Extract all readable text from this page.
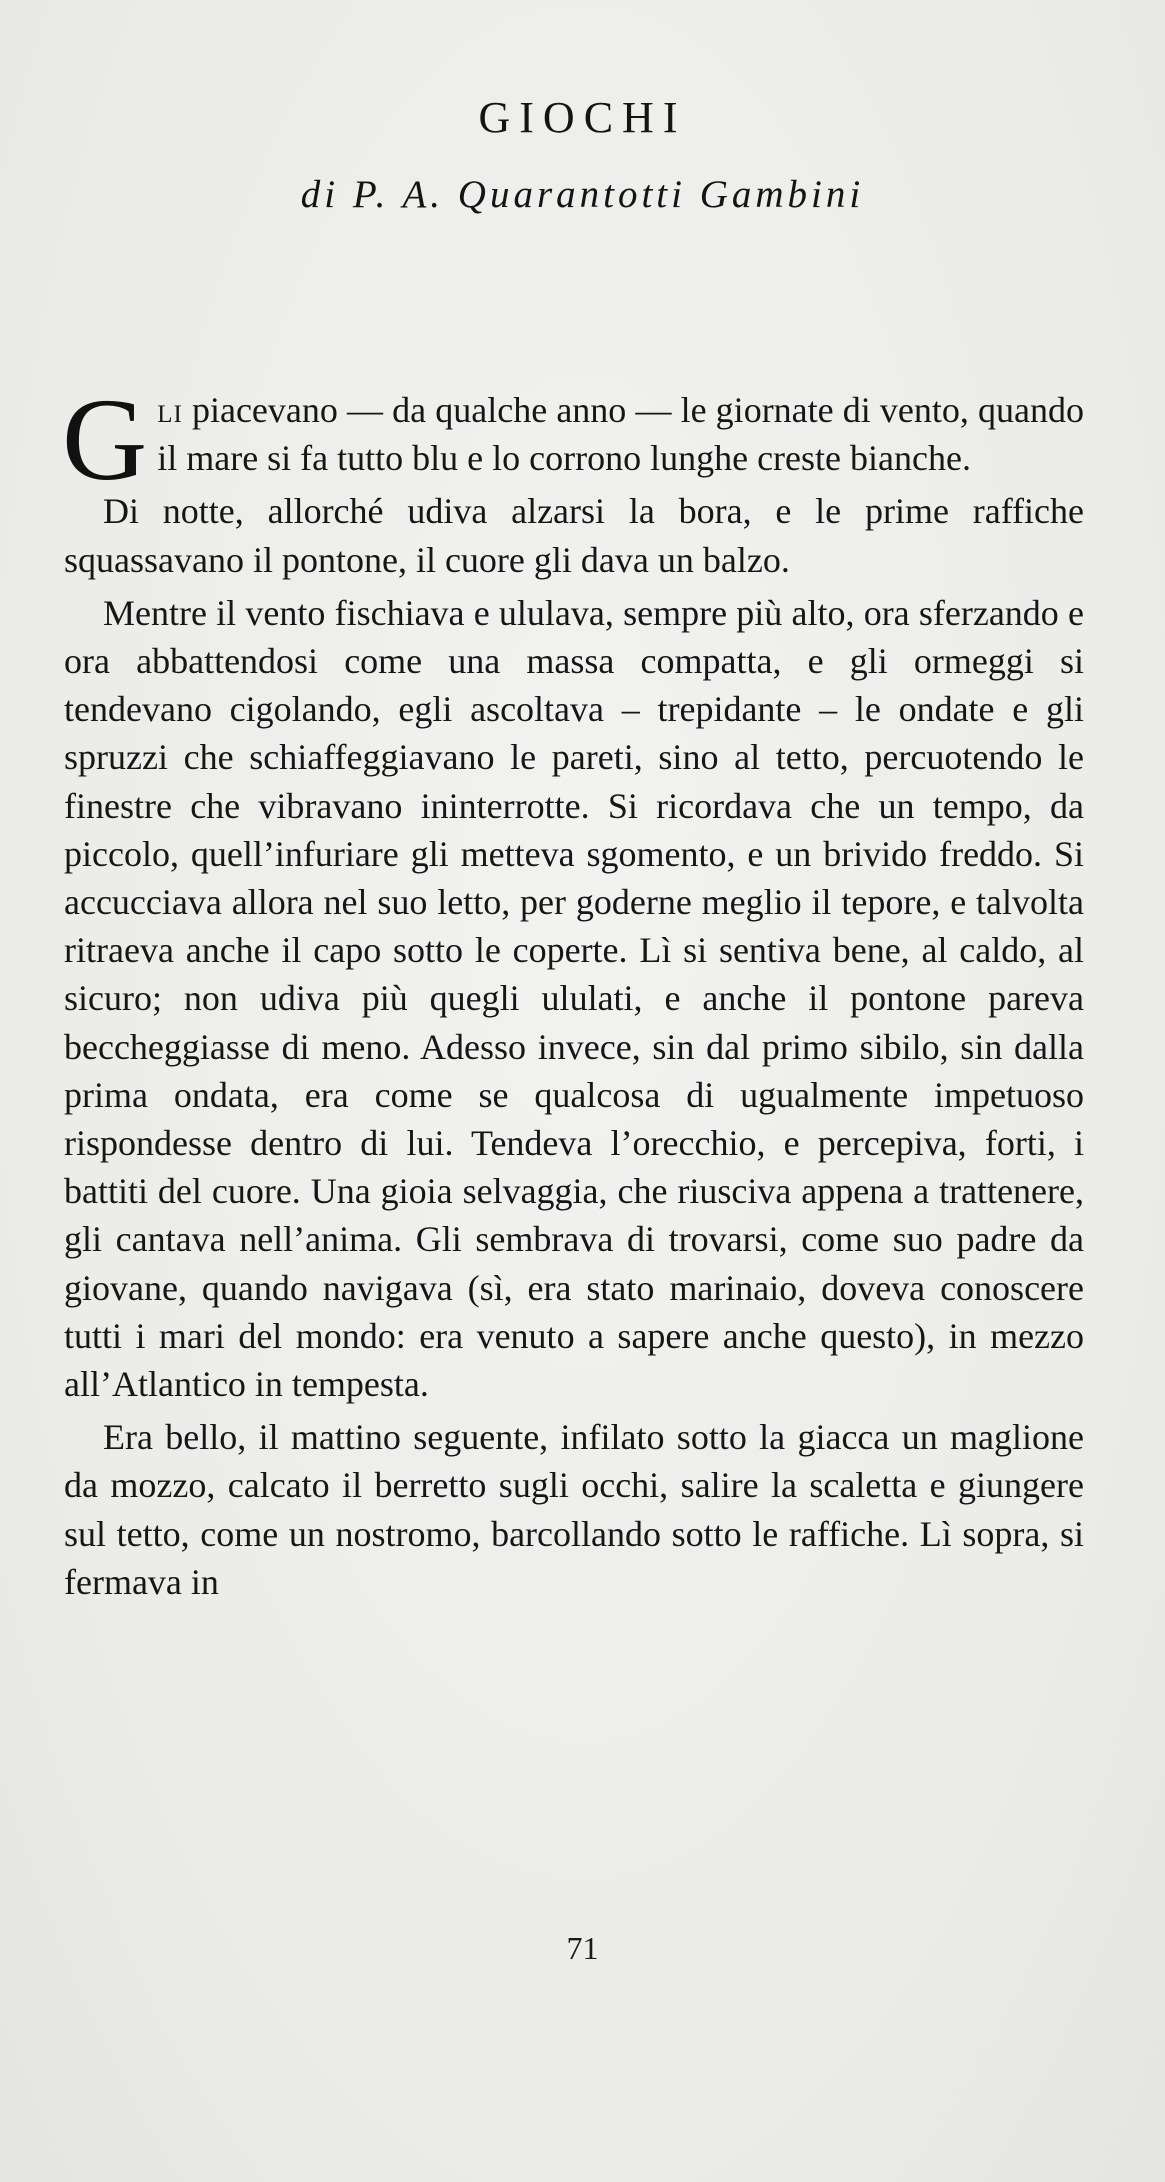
GIOCHI
di P. A. Quarantotti Gambini

Gli piacevano — da qualche anno — le giornate di vento, quando il mare si fa tutto blu e lo corrono lunghe creste bianche.

Di notte, allorché udiva alzarsi la bora, e le prime raffiche squassavano il pontone, il cuore gli dava un balzo.

Mentre il vento fischiava e ululava, sempre più alto, ora sferzando e ora abbattendosi come una massa compatta, e gli ormeggi si tendevano cigolando, egli ascoltava – trepidante – le ondate e gli spruzzi che schiaffeggiavano le pareti, sino al tetto, percuotendo le finestre che vibravano ininterrotte. Si ricordava che un tempo, da piccolo, quell’infuriare gli metteva sgomento, e un brivido freddo. Si accucciava allora nel suo letto, per goderne meglio il tepore, e talvolta ritraeva anche il capo sotto le coperte. Lì si sentiva bene, al caldo, al sicuro; non udiva più quegli ululati, e anche il pontone pareva beccheggiasse di meno. Adesso invece, sin dal primo sibilo, sin dalla prima ondata, era come se qualcosa di ugualmente impetuoso rispondesse dentro di lui. Tendeva l’orecchio, e percepiva, forti, i battiti del cuore. Una gioia selvaggia, che riusciva appena a trattenere, gli cantava nell’anima. Gli sembrava di trovarsi, come suo padre da giovane, quando navigava (sì, era stato marinaio, doveva conoscere tutti i mari del mondo: era venuto a sapere anche questo), in mezzo all’Atlantico in tempesta.

Era bello, il mattino seguente, infilato sotto la giacca un maglione da mozzo, calcato il berretto sugli occhi, salire la scaletta e giungere sul tetto, come un nostromo, barcollando sotto le raffiche. Lì sopra, si fermava in

71
